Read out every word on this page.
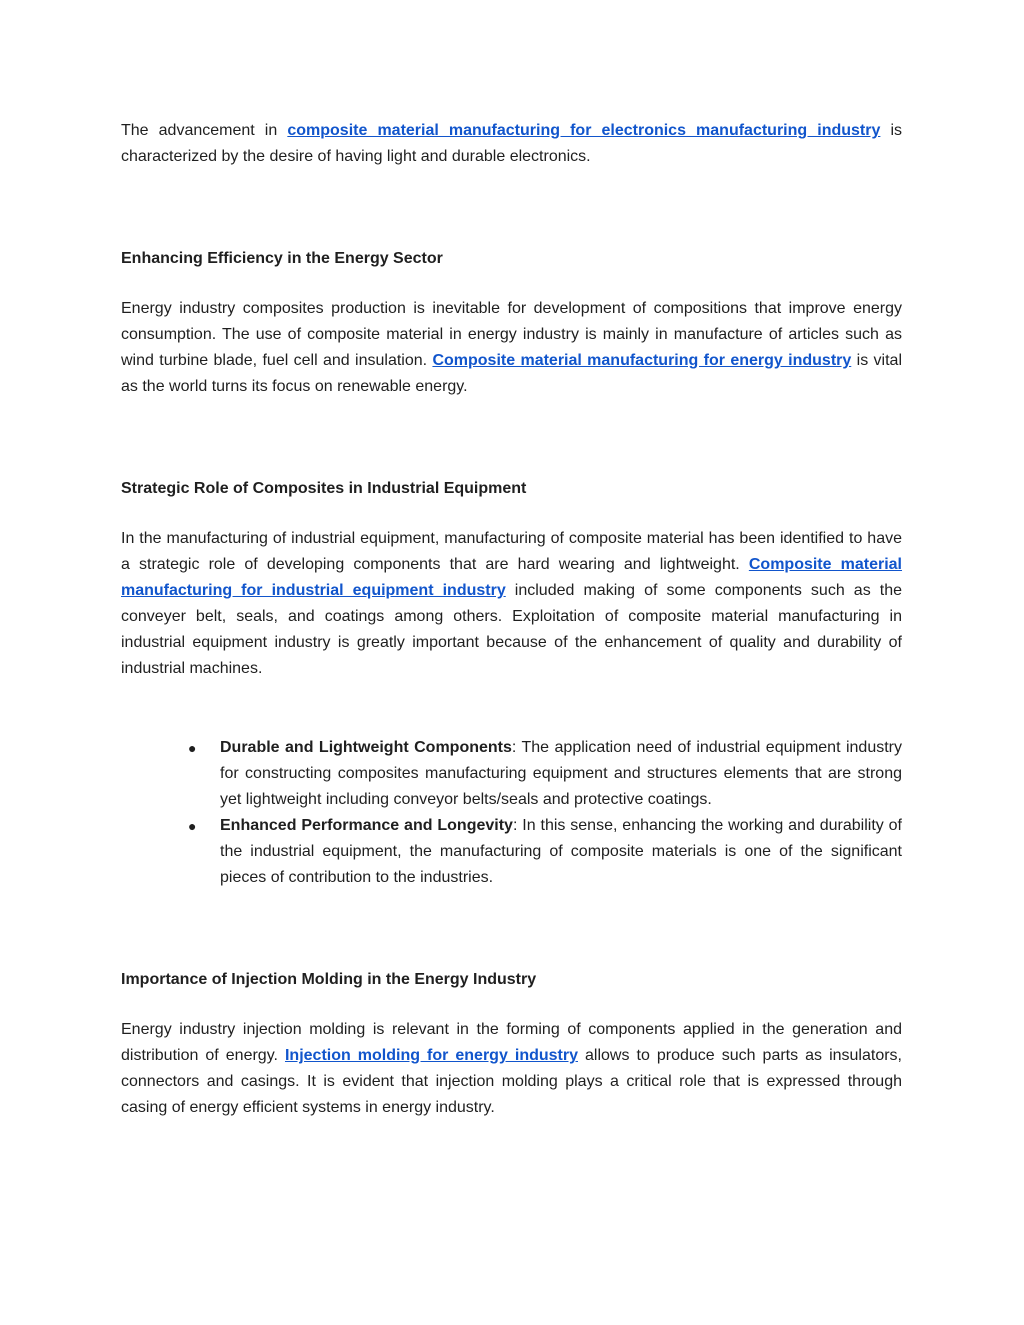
The advancement in composite material manufacturing for electronics manufacturing industry is characterized by the desire of having light and durable electronics.

Enhancing Efficiency in the Energy Sector

Energy industry composites production is inevitable for development of compositions that improve energy consumption. The use of composite material in energy industry is mainly in manufacture of articles such as wind turbine blade, fuel cell and insulation. Composite material manufacturing for energy industry is vital as the world turns its focus on renewable energy.

Strategic Role of Composites in Industrial Equipment

In the manufacturing of industrial equipment, manufacturing of composite material has been identified to have a strategic role of developing components that are hard wearing and lightweight. Composite material manufacturing for industrial equipment industry included making of some components such as the conveyer belt, seals, and coatings among others. Exploitation of composite material manufacturing in industrial equipment industry is greatly important because of the enhancement of quality and durability of industrial machines.

● Durable and Lightweight Components: The application need of industrial equipment industry for constructing composites manufacturing equipment and structures elements that are strong yet lightweight including conveyor belts/seals and protective coatings.
● Enhanced Performance and Longevity: In this sense, enhancing the working and durability of the industrial equipment, the manufacturing of composite materials is one of the significant pieces of contribution to the industries.
Importance of Injection Molding in the Energy Industry

Energy industry injection molding is relevant in the forming of components applied in the generation and distribution of energy. Injection molding for energy industry allows to produce such parts as insulators, connectors and casings. It is evident that injection molding plays a critical role that is expressed through casing of energy efficient systems in energy industry.
